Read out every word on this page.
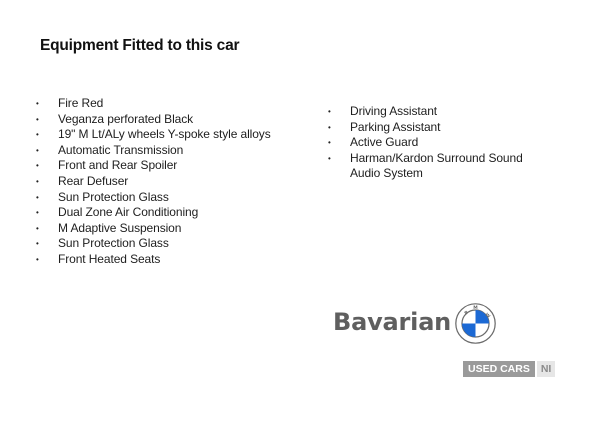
Equipment Fitted to this car
•	Fire Red
•	Veganza perforated Black
•	19" M Lt/ALy wheels Y-spoke style alloys
•	Automatic Transmission
•	Front and Rear Spoiler
•	Rear Defuser
•	Sun Protection Glass
•	Dual Zone Air Conditioning
•	M Adaptive Suspension
•	Sun Protection Glass
•	Front Heated Seats
•	Driving Assistant
•	Parking Assistant
•	Active Guard
•	Harman/Kardon Surround Sound Audio System
Bavarian B
M
W
USED CARS	NI
